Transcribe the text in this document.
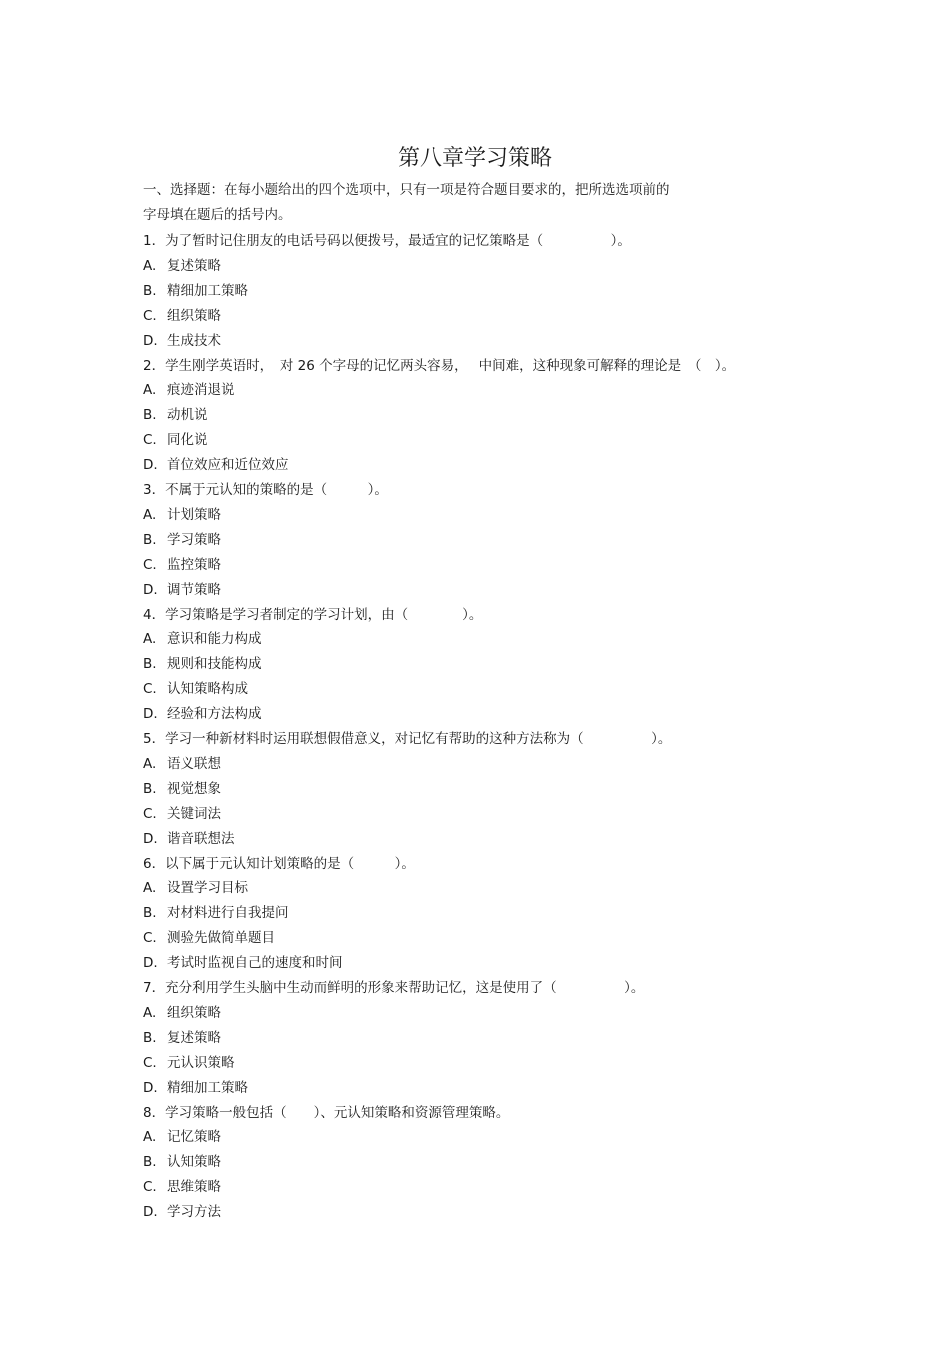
第八章学习策略
一、选择题：在每小题给出的四个选项中，只有一项是符合题目要求的，把所选选项前的
字母填在题后的括号内。
1．为了暂时记住朋友的电话号码以便拨号，最适宜的记忆策略是（　　　　　）。
A. 复述策略
B. 精细加工策略
C. 组织策略
D. 生成技术
2．学生刚学英语时，　对 26 个字母的记忆两头容易，　 中间难，这种现象可解释的理论是　（　）。
A. 痕迹消退说
B. 动机说
C. 同化说
D. 首位效应和近位效应
3．不属于元认知的策略的是（　　　）。
A. 计划策略
B. 学习策略
C. 监控策略
D. 调节策略
4．学习策略是学习者制定的学习计划，由（　　　　）。
A. 意识和能力构成
B. 规则和技能构成
C. 认知策略构成
D. 经验和方法构成
5．学习一种新材料时运用联想假借意义，对记忆有帮助的这种方法称为（　　　　　）。
A. 语义联想
B. 视觉想象
C. 关键词法
D. 谐音联想法
6．以下属于元认知计划策略的是（　　　）。
A. 设置学习目标
B. 对材料进行自我提问
C. 测验先做简单题目
D. 考试时监视自己的速度和时间
7．充分利用学生头脑中生动而鲜明的形象来帮助记忆，这是使用了（　　　　　）。
A. 组织策略
B. 复述策略
C. 元认识策略
D. 精细加工策略
8．学习策略一般包括（　　）、元认知策略和资源管理策略。
A. 记忆策略
B. 认知策略
C. 思维策略
D. 学习方法
